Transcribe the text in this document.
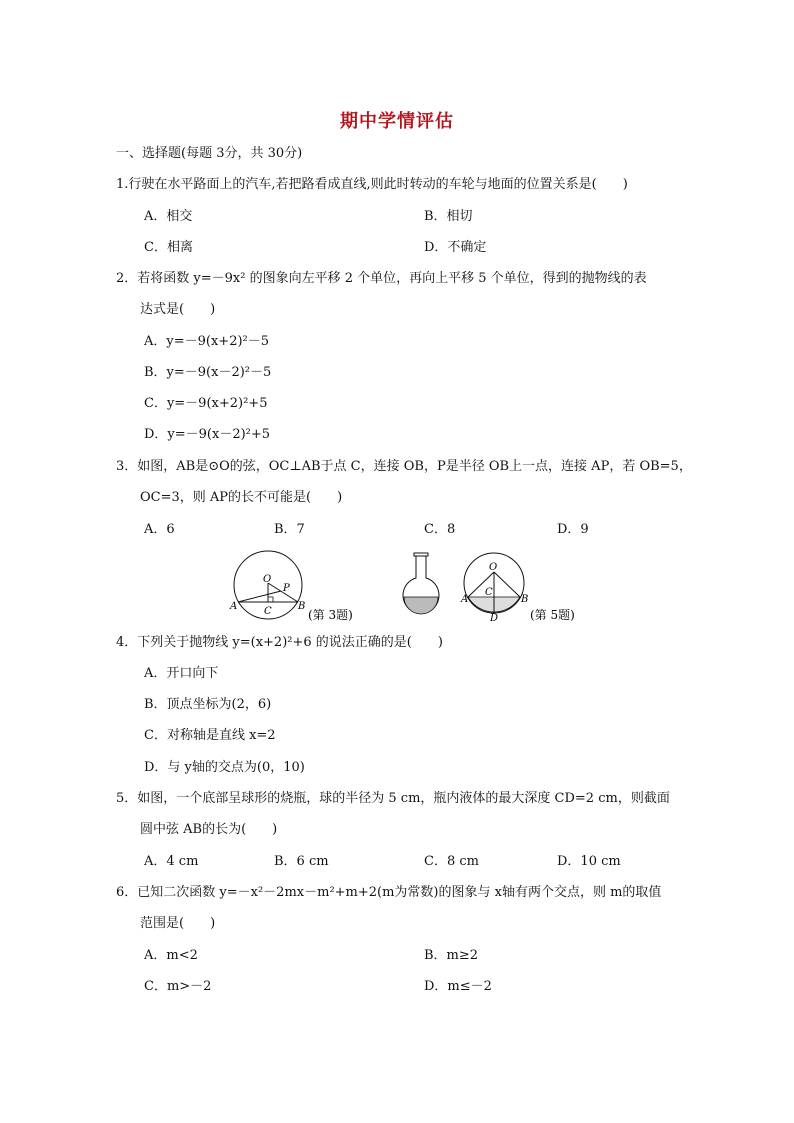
期中学情评估
一、选择题(每题 3分，共 30分)
1.行驶在水平路面上的汽车,若把路看成直线,则此时转动的车轮与地面的位置关系是(　　)
A．相交	B．相切
C．相离	D．不确定
2．若将函数 y=－9x² 的图象向左平移 2 个单位，再向上平移 5 个单位，得到的抛物线的表
达式是(　　)
A．y=－9(x+2)²－5
B．y=－9(x－2)²－5
C．y=－9(x+2)²+5
D．y=－9(x－2)²+5
3．如图，AB是⊙O的弦，OC⊥AB于点 C，连接 OB，P是半径 OB上一点，连接 AP，若 OB=5，
OC=3，则 AP的长不可能是(　　)
A．6	B．7	C．8	D．9
O
P
A	B
C	(第 3题)
O
A	B
C
D	(第 5题)
4．下列关于抛物线 y=(x+2)²+6 的说法正确的是(　　)
A．开口向下
B．顶点坐标为(2，6)
C．对称轴是直线 x=2
D．与 y轴的交点为(0，10)
5．如图，一个底部呈球形的烧瓶，球的半径为 5 cm，瓶内液体的最大深度 CD=2 cm，则截面
圆中弦 AB的长为(　　)
A．4 cm	B．6 cm	C．8 cm	D．10 cm
6．已知二次函数 y=－x²－2mx－m²+m+2(m为常数)的图象与 x轴有两个交点，则 m的取值
范围是(　　)
A．m<2	B．m≥2
C．m>－2	D．m≤－2
